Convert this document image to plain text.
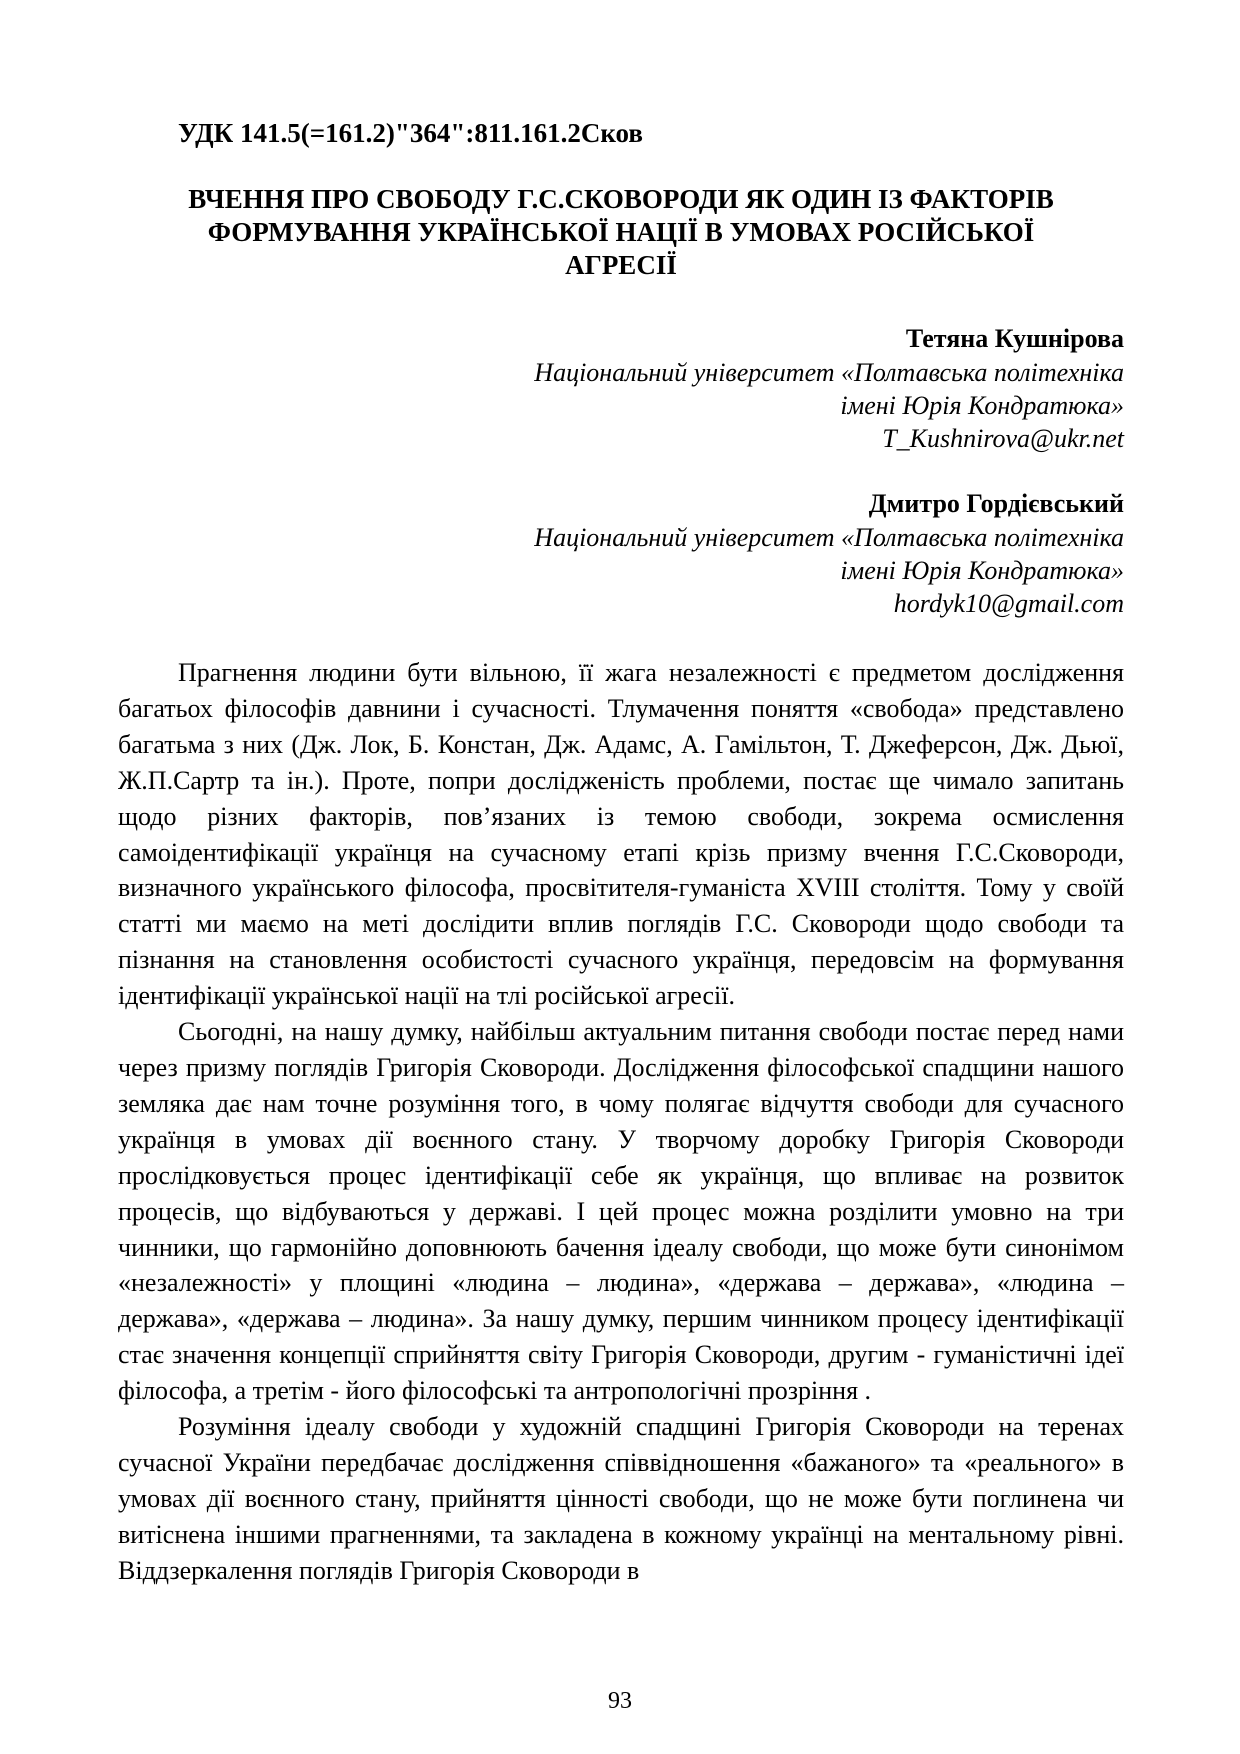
УДК 141.5(=161.2)"364":811.161.2Сков
ВЧЕННЯ ПРО СВОБОДУ Г.С.СКОВОРОДИ ЯК ОДИН ІЗ ФАКТОРІВ
ФОРМУВАННЯ УКРАЇНСЬКОЇ НАЦІЇ В УМОВАХ РОСІЙСЬКОЇ
АГРЕСІЇ
Тетяна Кушнірова
Національний університет «Полтавська політехніка
імені Юрія Кондратюка»
T_Kushnirova@ukr.net
Дмитро Гордієвський
Національний університет «Полтавська політехніка
імені Юрія Кондратюка»
hordyk10@gmail.com

Прагнення людини бути вільною, її жага незалежності є предметом дослідження багатьох філософів давнини і сучасності. Тлумачення поняття «свобода» представлено багатьма з них (Дж. Лок, Б. Констан, Дж. Адамс, А. Гамільтон, Т. Джеферсон, Дж. Дьюї, Ж.П.Сартр та ін.). Проте, попри дослідженість проблеми, постає ще чимало запитань щодо різних факторів, пов’язаних із темою свободи, зокрема осмислення самоідентифікації українця на сучасному етапі крізь призму вчення Г.С.Сковороди, визначного українського філософа, просвітителя-гуманіста XVIII століття. Тому у своїй статті ми маємо на меті дослідити вплив поглядів Г.С. Сковороди щодо свободи та пізнання на становлення особистості сучасного українця, передовсім на формування ідентифікації української нації на тлі російської агресії.

Сьогодні, на нашу думку, найбільш актуальним питання свободи постає перед нами через призму поглядів Григорія Сковороди. Дослідження філософської спадщини нашого земляка дає нам точне розуміння того, в чому полягає відчуття свободи для сучасного українця в умовах дії воєнного стану. У творчому доробку Григорія Сковороди прослідковується процес ідентифікації себе як українця, що впливає на розвиток процесів, що відбуваються у державі. І цей процес можна розділити умовно на три чинники, що гармонійно доповнюють бачення ідеалу свободи, що може бути синонімом «незалежності» у площині «людина – людина», «держава – держава», «людина – держава», «держава – людина». За нашу думку, першим чинником процесу ідентифікації стає значення концепції сприйняття світу Григорія Сковороди, другим - гуманістичні ідеї філософа, а третім - його філософські та антропологічні прозріння .

Розуміння ідеалу свободи у художній спадщині Григорія Сковороди на теренах сучасної України передбачає дослідження співвідношення «бажаного» та «реального» в умовах дії воєнного стану, прийняття цінності свободи, що не може бути поглинена чи витіснена іншими прагненнями, та закладена в кожному українці на ментальному рівні. Віддзеркалення поглядів Григорія Сковороди в

93
